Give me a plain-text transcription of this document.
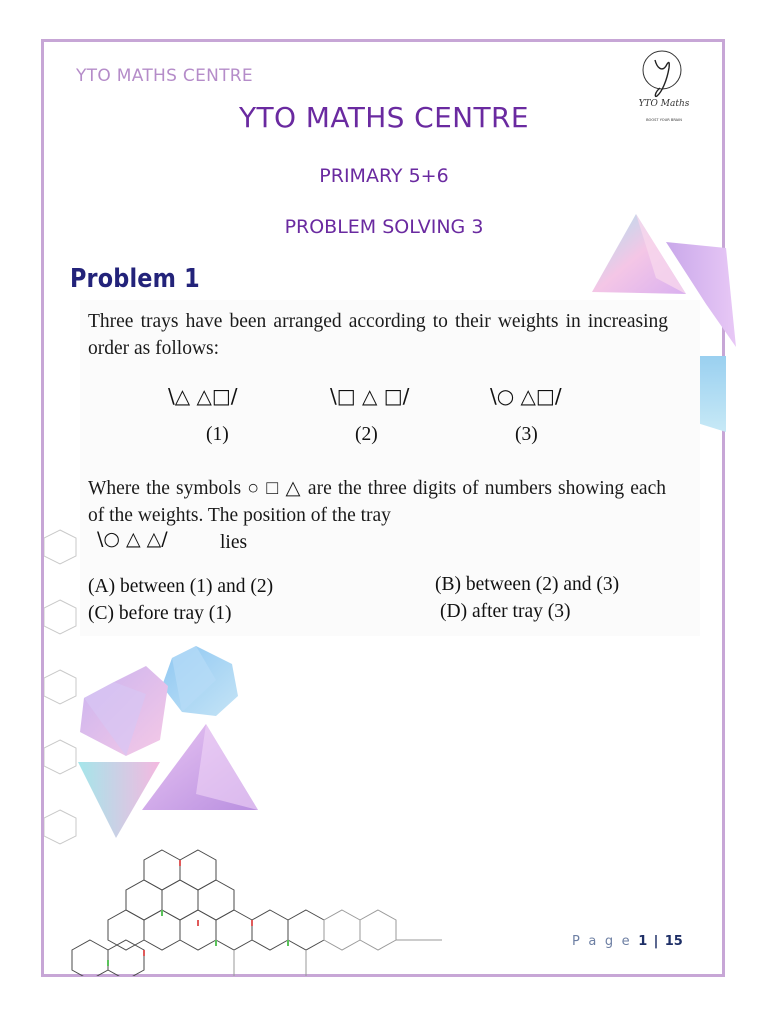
YTO MATHS CENTRE
YTO MATHS CENTRE
PRIMARY 5+6
PROBLEM SOLVING 3
YTO Maths
BOOST YOUR BRAIN
Problem 1
Three trays have been arranged according to their weights in increasing order as follows:
\△ △□/	\□ △ □/	\○ △□/
(1)	(2)	(3)
Where the symbols ○ □ △ are the three digits of numbers showing each of the weights. The position of the tray
\○ △ △/	lies
(A) between (1) and (2)	(B) between (2) and (3)
(C) before tray (1)	(D) after tray (3)
P a g e 1 | 15
